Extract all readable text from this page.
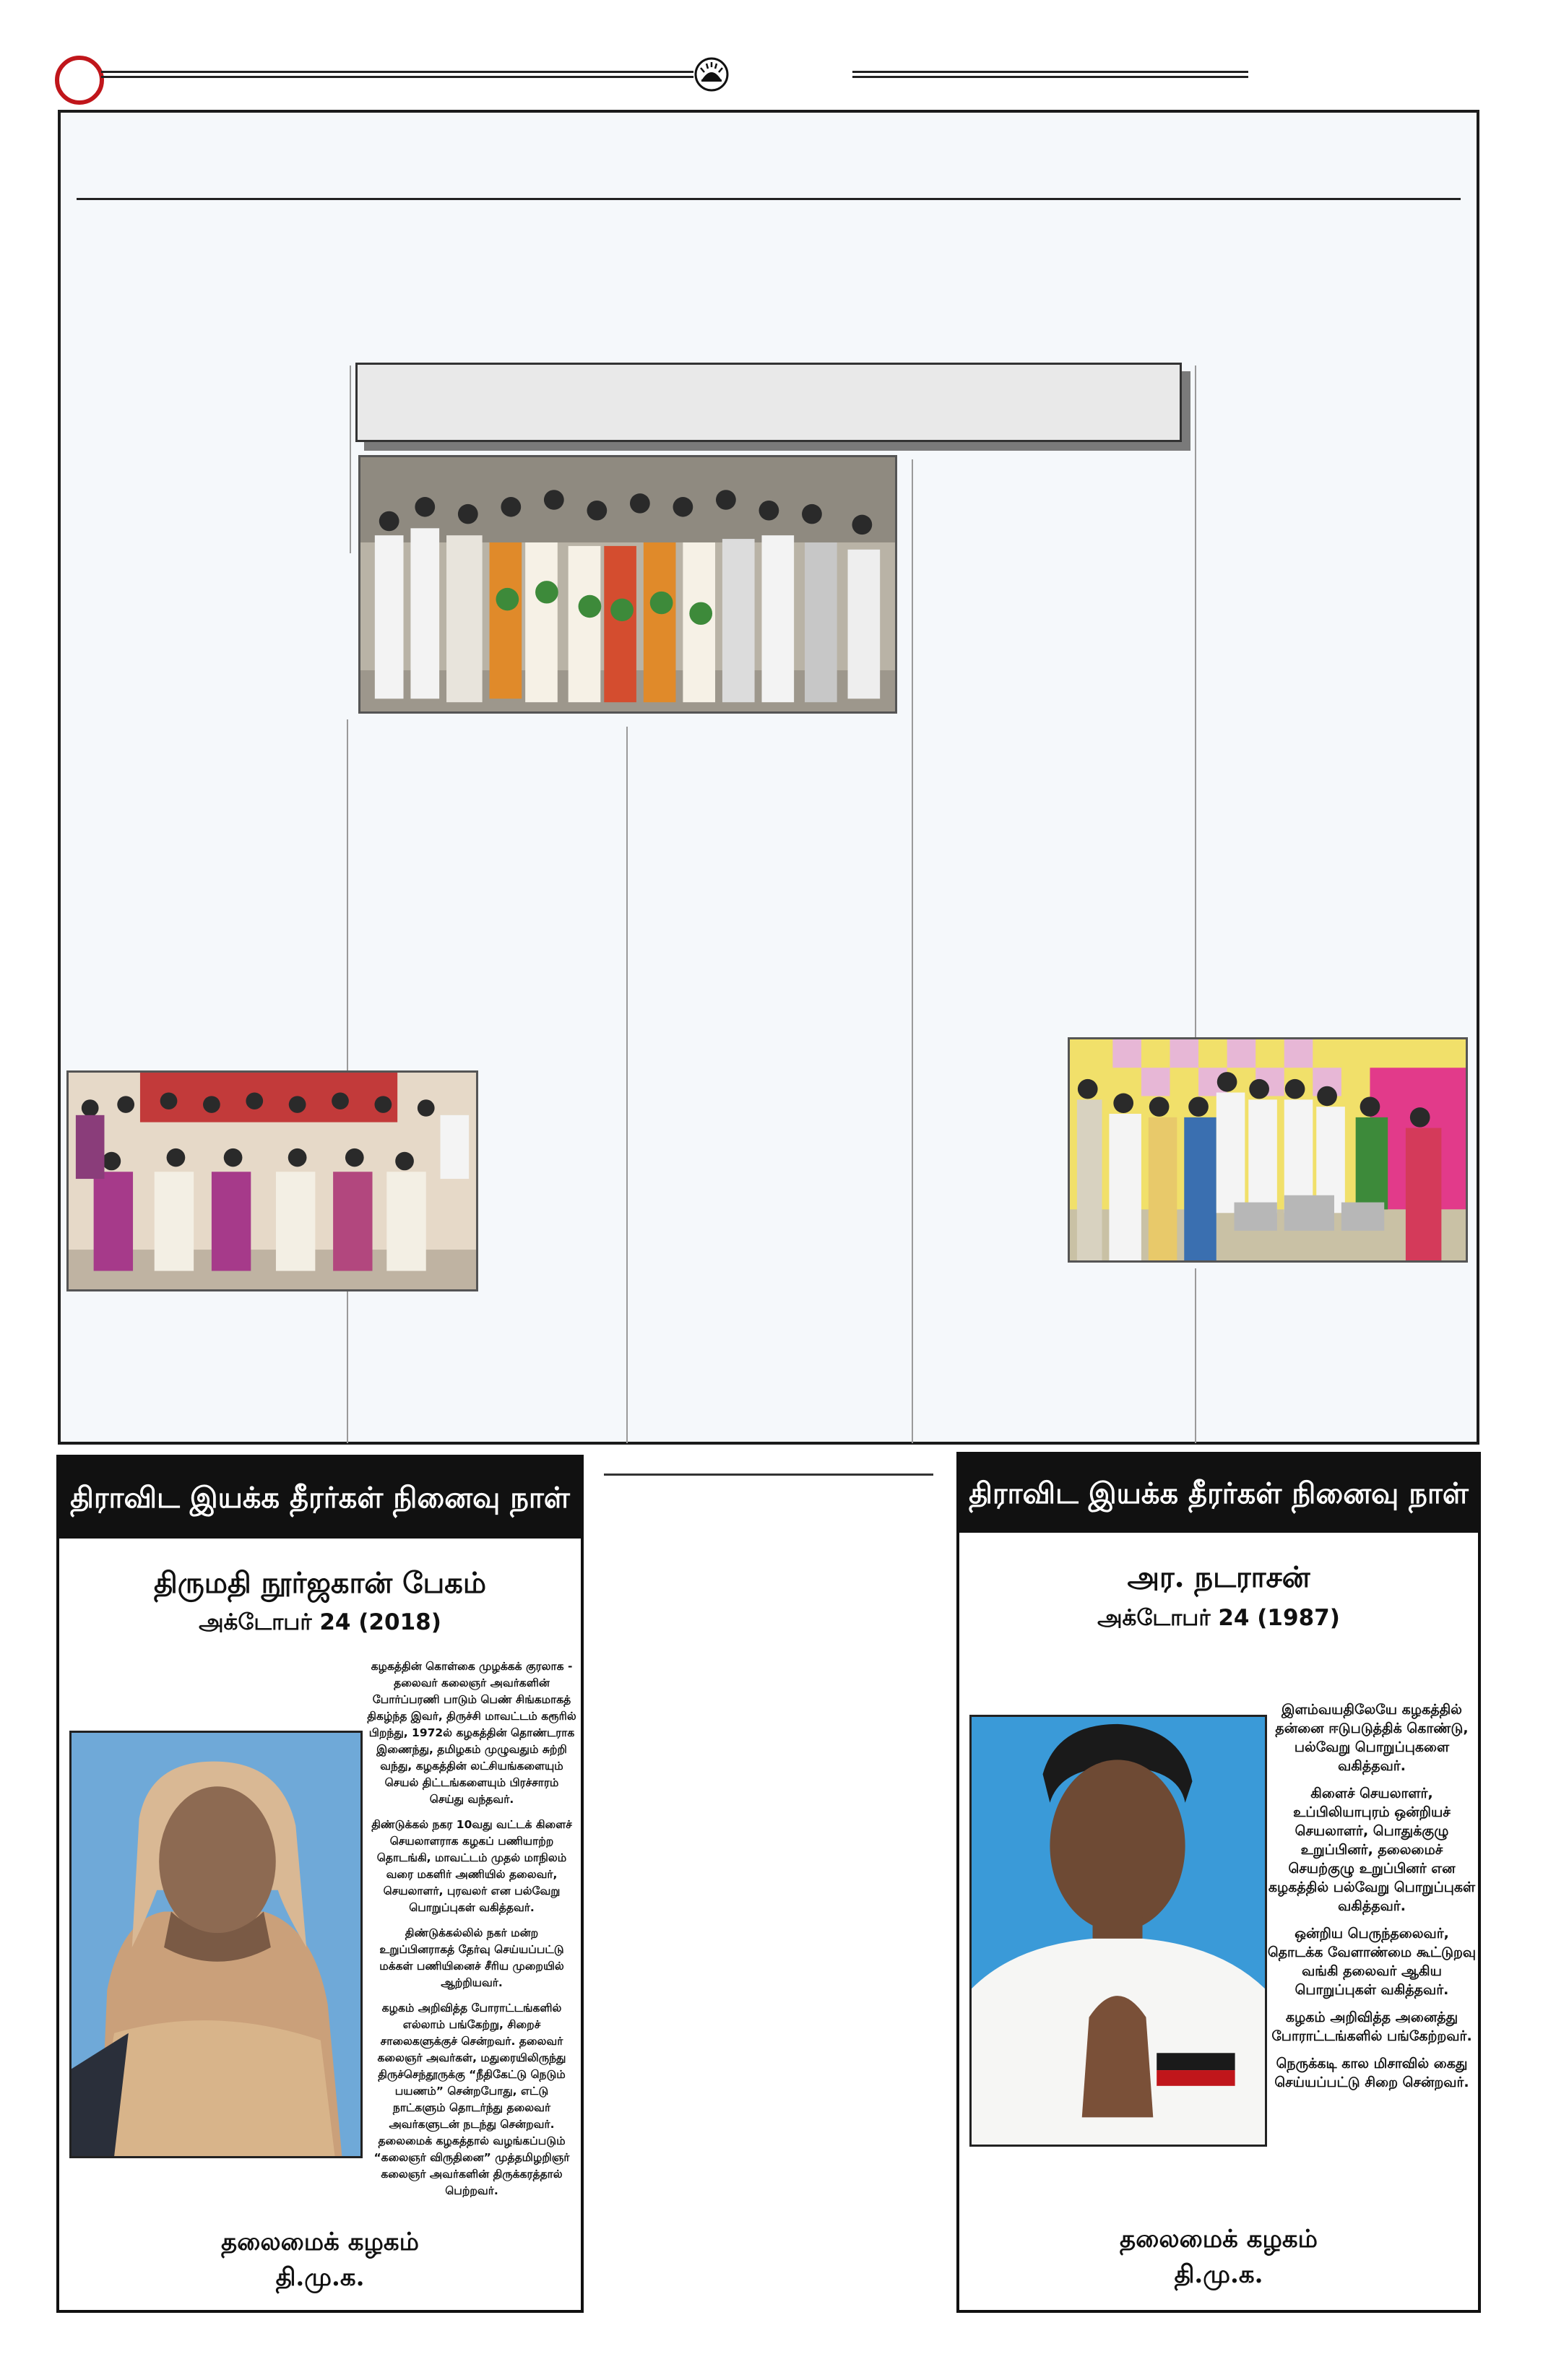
திராவிட இயக்க தீரர்கள் நினைவு நாள்
திருமதி நூர்ஜகான் பேகம்
அக்டோபர் 24 (2018)

கழகத்தின் கொள்கை முழக்கக் குரலாக - தலைவர் கலைஞர் அவர்களின் போர்ப்பரணி பாடும் பெண் சிங்கமாகத் திகழ்ந்த இவர், திருச்சி மாவட்டம் கரூரில் பிறந்து, 1972ல் கழகத்தின் தொண்டராக இணைந்து, தமிழகம் முழுவதும் சுற்றி வந்து, கழகத்தின் லட்சியங்களையும் செயல் திட்டங்களையும் பிரச்சாரம் செய்து வந்தவர்.

திண்டுக்கல் நகர 10வது வட்டக் கிளைச் செயலாளராக கழகப் பணியாற்ற தொடங்கி, மாவட்டம் முதல் மாநிலம் வரை மகளிர் அணியில் தலைவர், செயலாளர், புரவலர் என பல்வேறு பொறுப்புகள் வகித்தவர்.

திண்டுக்கல்லில் நகர் மன்ற உறுப்பினராகத் தேர்வு செய்யப்பட்டு மக்கள் பணியினைச் சீரிய முறையில் ஆற்றியவர்.

கழகம் அறிவித்த போராட்டங்களில் எல்லாம் பங்கேற்று, சிறைச் சாலைகளுக்குச் சென்றவர். தலைவர் கலைஞர் அவர்கள், மதுரையிலிருந்து திருச்செந்தூருக்கு “நீதிகேட்டு நெடும் பயணம்” சென்றபோது, எட்டு நாட்களும் தொடர்ந்து தலைவர் அவர்களுடன் நடந்து சென்றவர். தலைமைக் கழகத்தால் வழங்கப்படும் “கலைஞர் விருதினை” முத்தமிழறிஞர் கலைஞர் அவர்களின் திருக்கரத்தால் பெற்றவர்.

தலைமைக் கழகம்
தி.மு.க.
திராவிட இயக்க தீரர்கள் நினைவு நாள்
அர. நடராசன்
அக்டோபர் 24 (1987)

இளம்வயதிலேயே கழகத்தில் தன்னை ஈடுபடுத்திக் கொண்டு, பல்வேறு பொறுப்புகளை வகித்தவர்.

கிளைச் செயலாளர், உப்பிலியாபுரம் ஒன்றியச் செயலாளர், பொதுக்குழு உறுப்பினர், தலைமைச் செயற்குழு உறுப்பினர் என கழகத்தில் பல்வேறு பொறுப்புகள் வகித்தவர்.

ஒன்றிய பெருந்தலைவர், தொடக்க வேளாண்மை கூட்டுறவு வங்கி தலைவர் ஆகிய பொறுப்புகள் வகித்தவர்.

கழகம் அறிவித்த அனைத்து போராட்டங்களில் பங்கேற்றவர்.

நெருக்கடி கால மிசாவில் கைது செய்யப்பட்டு சிறை சென்றவர்.

தலைமைக் கழகம்
தி.மு.க.
